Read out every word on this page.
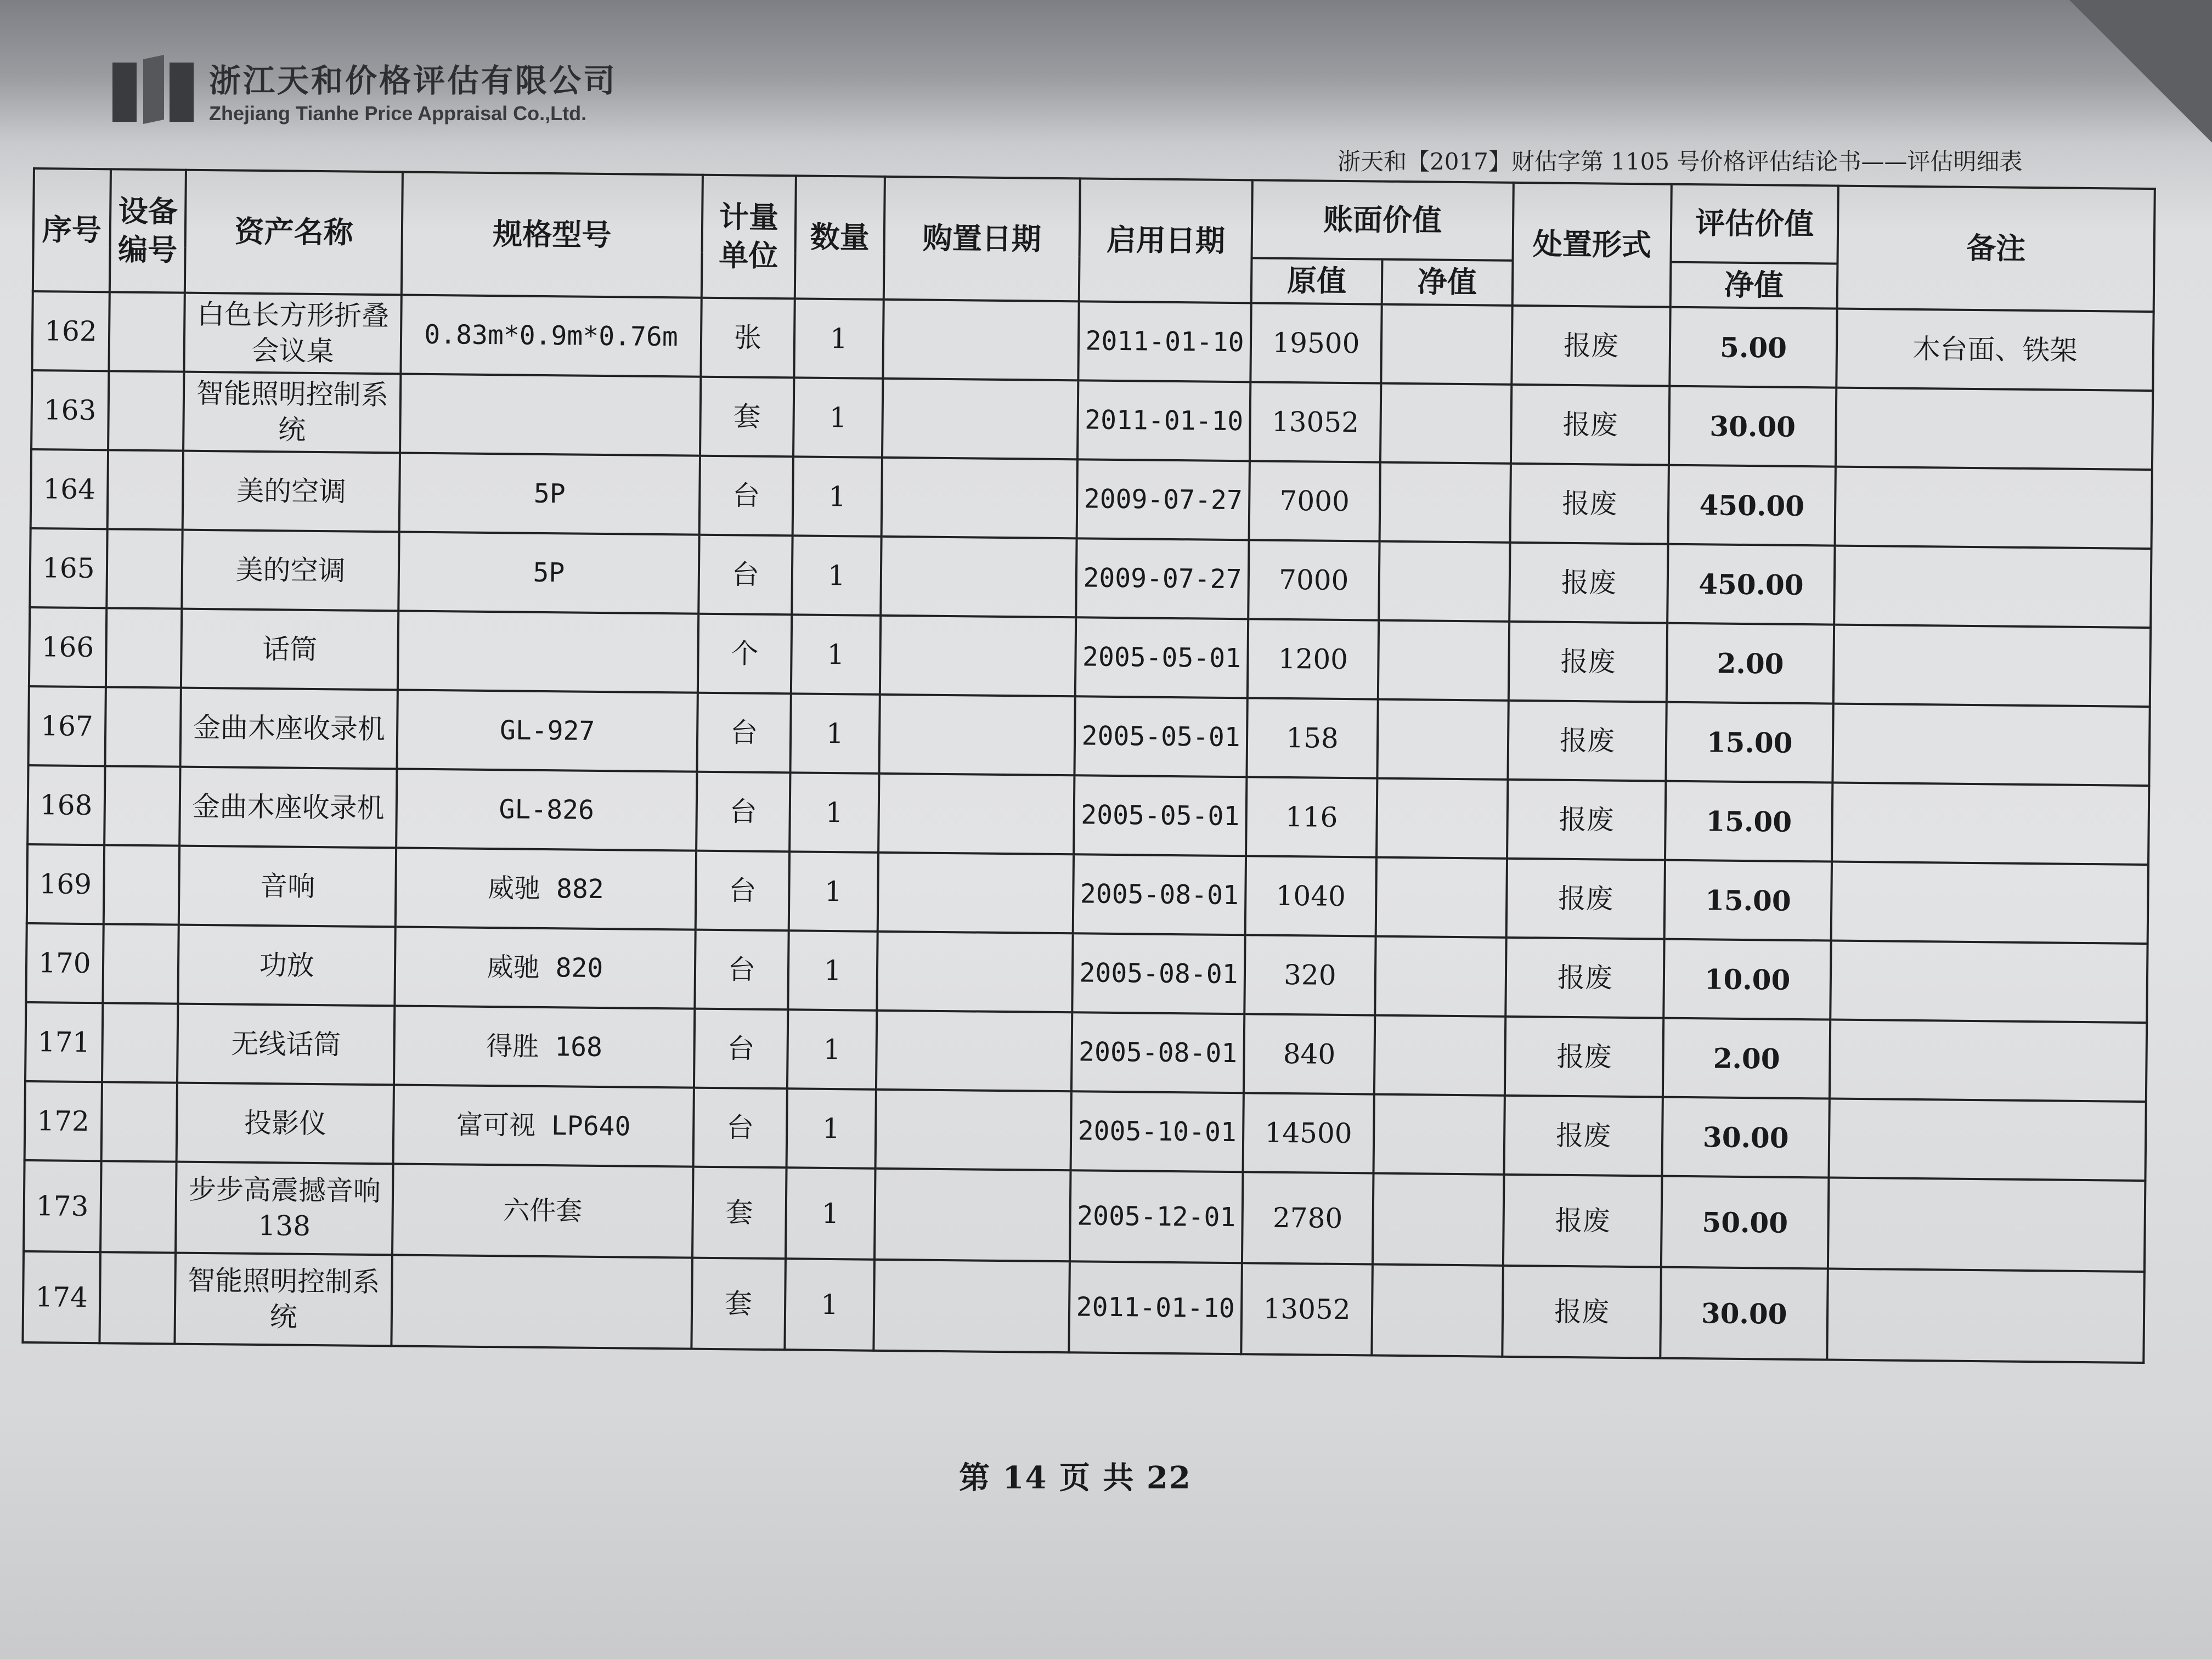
浙江天和价格评估有限公司
Zhejiang Tianhe Price Appraisal Co.,Ltd.
浙天和【2017】财估字第 1105 号价格评估结论书——评估明细表
序号	设备编号	资产名称	规格型号	计量单位	数量	购置日期	启用日期	账面价值		处置形式	评估价值	备注
								原值	净值		净值	
162		白色长方形折叠会议桌	0.83m*0.9m*0.76m	张	1		2011-01-10	19500		报废	5.00	木台面、铁架
163		智能照明控制系统		套	1		2011-01-10	13052		报废	30.00	
164		美的空调	5P	台	1		2009-07-27	7000		报废	450.00	
165		美的空调	5P	台	1		2009-07-27	7000		报废	450.00	
166		话筒		个	1		2005-05-01	1200		报废	2.00	
167		金曲木座收录机	GL-927	台	1		2005-05-01	158		报废	15.00	
168		金曲木座收录机	GL-826	台	1		2005-05-01	116		报废	15.00	
169		音响	威驰 882	台	1		2005-08-01	1040		报废	15.00	
170		功放	威驰 820	台	1		2005-08-01	320		报废	10.00	
171		无线话筒	得胜 168	台	1		2005-08-01	840		报废	2.00	
172		投影仪	富可视 LP640	台	1		2005-10-01	14500		报废	30.00	
173		步步高震撼音响138	六件套	套	1		2005-12-01	2780		报废	50.00	
174		智能照明控制系统		套	1		2011-01-10	13052		报废	30.00	
第 14 页 共 22
